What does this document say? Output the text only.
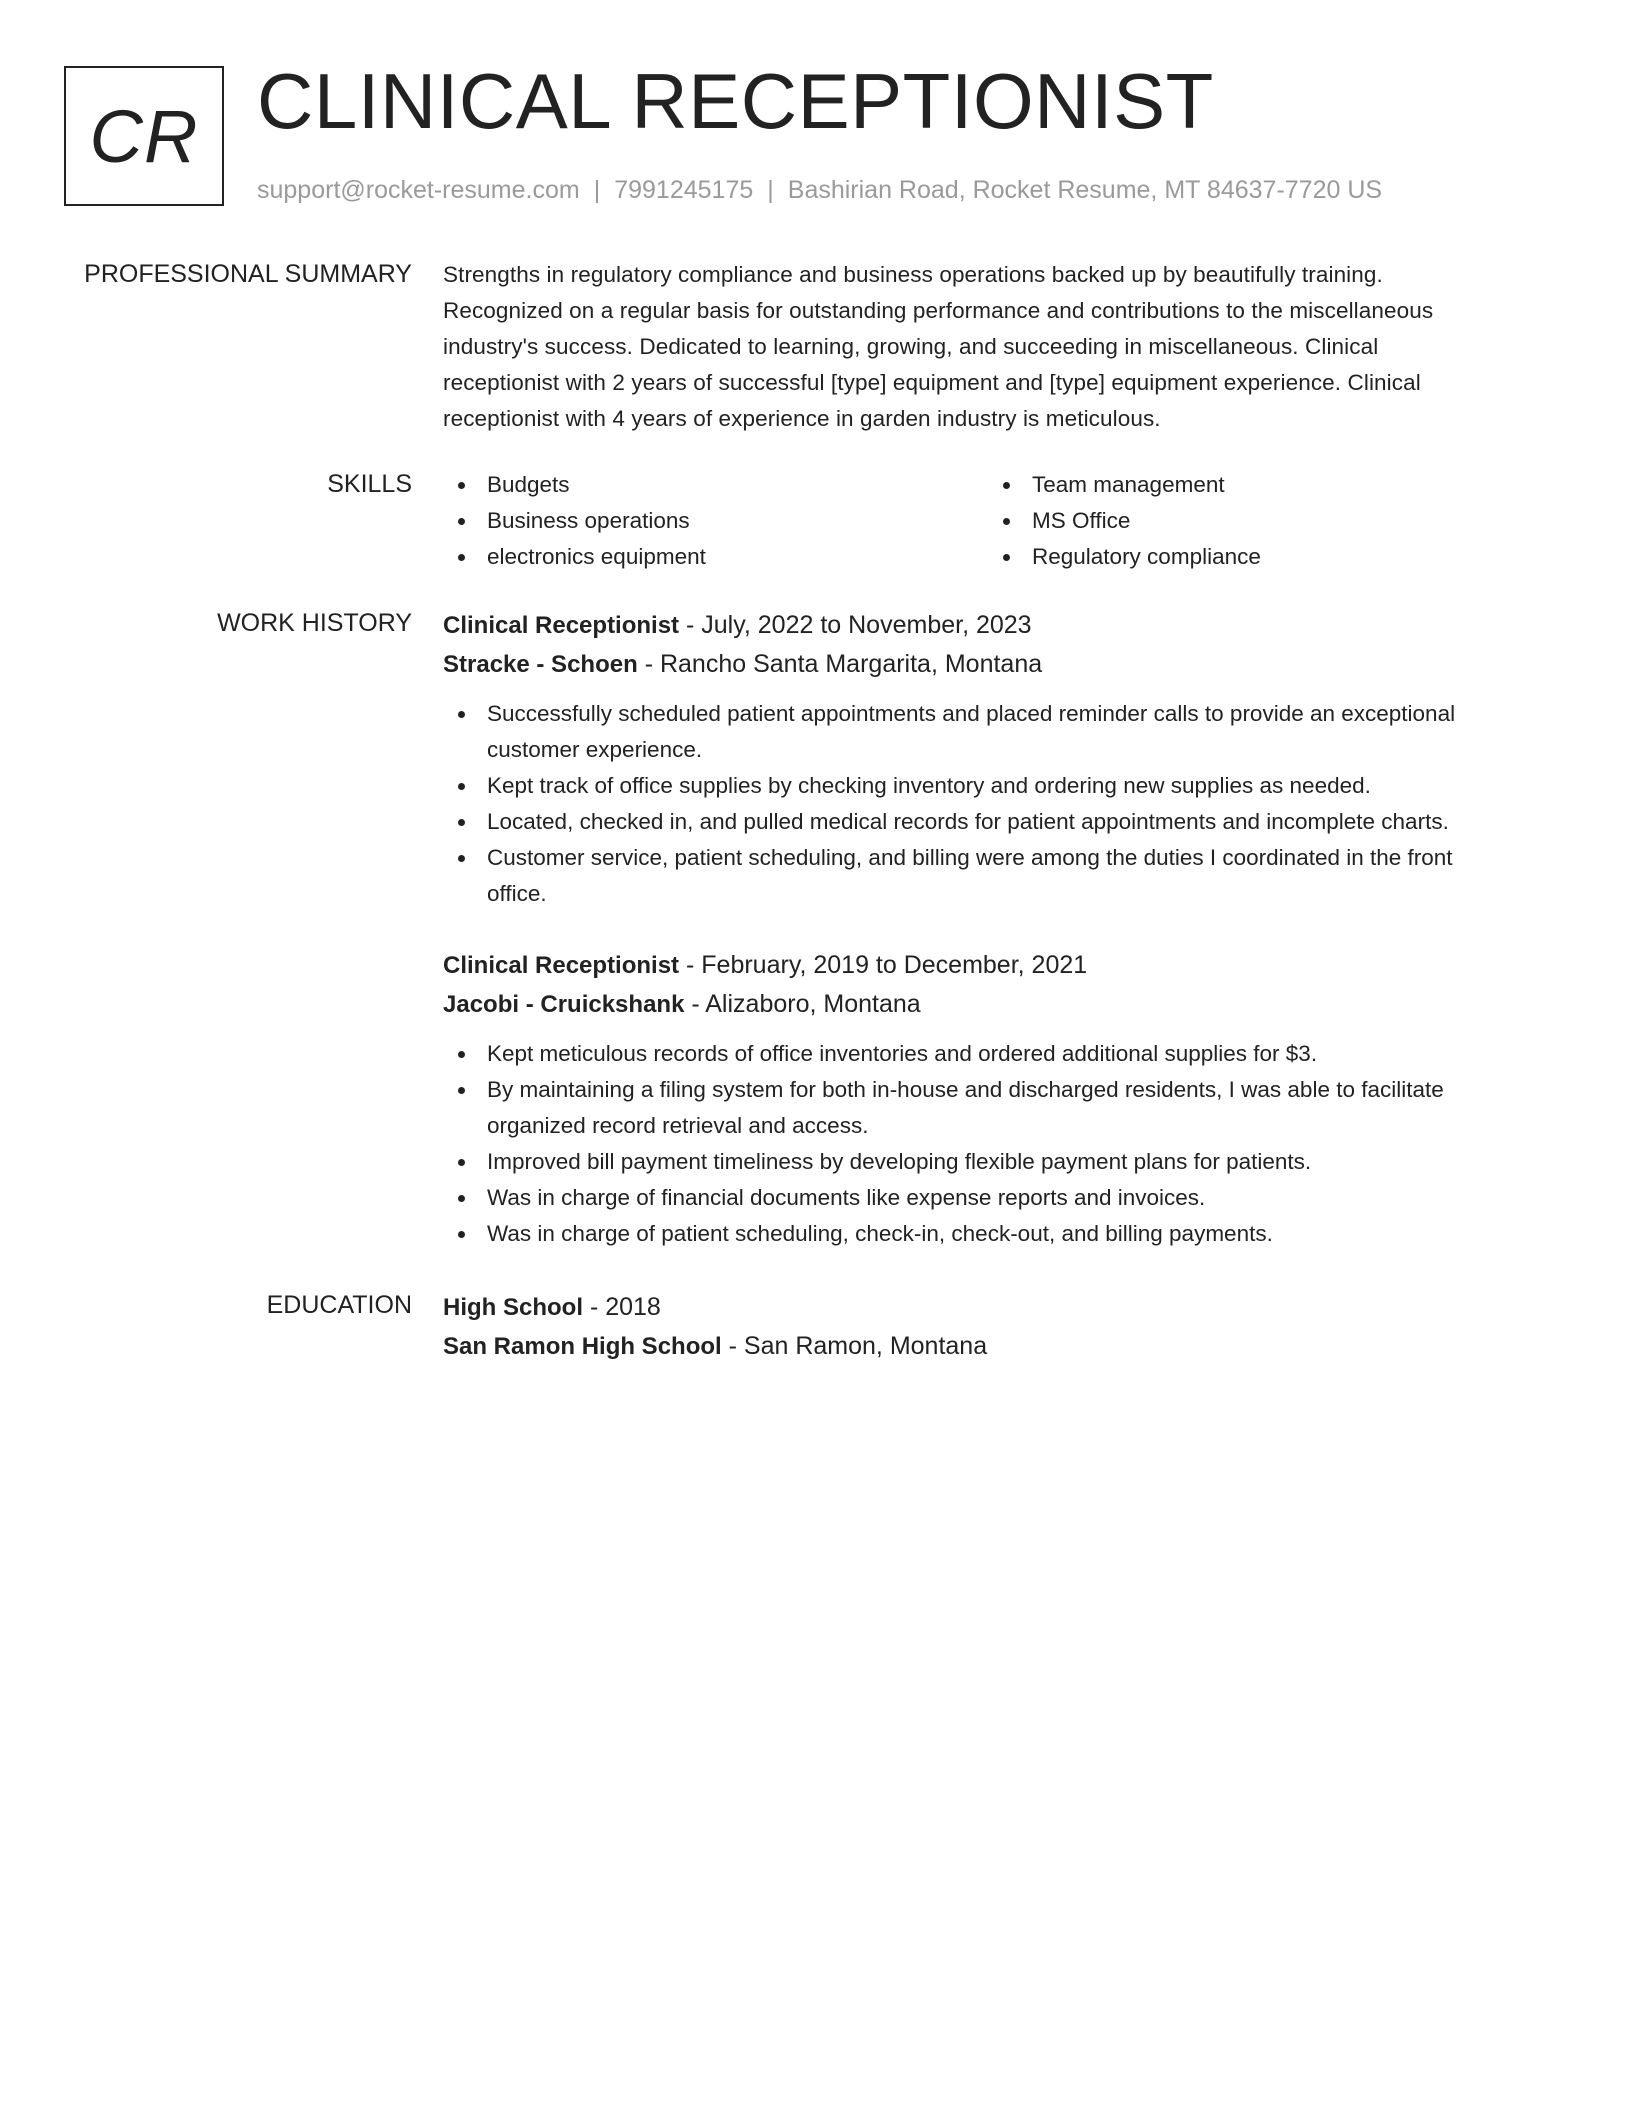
CR CLINICAL RECEPTIONIST
support@rocket-resume.com | 7991245175 | Bashirian Road, Rocket Resume, MT 84637-7720 US
PROFESSIONAL SUMMARY Strengths in regulatory compliance and business operations backed up by beautifully training.
Recognized on a regular basis for outstanding performance and contributions to the miscellaneous
industry's success. Dedicated to learning, growing, and succeeding in miscellaneous. Clinical
receptionist with 2 years of successful [type] equipment and [type] equipment experience. Clinical
receptionist with 4 years of experience in garden industry is meticulous.

SKILLS	Budgets
Business operations
electronics equipment
Team management
MS Office
Regulatory compliance
WORK HISTORY Clinical Receptionist - July, 2022 to November, 2023

Stracke - Schoen - Rancho Santa Margarita, Montana

Successfully scheduled patient appointments and placed reminder calls to provide an exceptional
customer experience.
Kept track of office supplies by checking inventory and ordering new supplies as needed.
Located, checked in, and pulled medical records for patient appointments and incomplete charts.
Customer service, patient scheduling, and billing were among the duties I coordinated in the front
office.

Clinical Receptionist - February, 2019 to December, 2021

Jacobi - Cruickshank - Alizaboro, Montana

Kept meticulous records of office inventories and ordered additional supplies for $3.
By maintaining a filing system for both in-house and discharged residents, I was able to facilitate
organized record retrieval and access.
Improved bill payment timeliness by developing flexible payment plans for patients.
Was in charge of financial documents like expense reports and invoices.
Was in charge of patient scheduling, check-in, check-out, and billing payments.
EDUCATION High School - 2018

San Ramon High School - San Ramon, Montana
